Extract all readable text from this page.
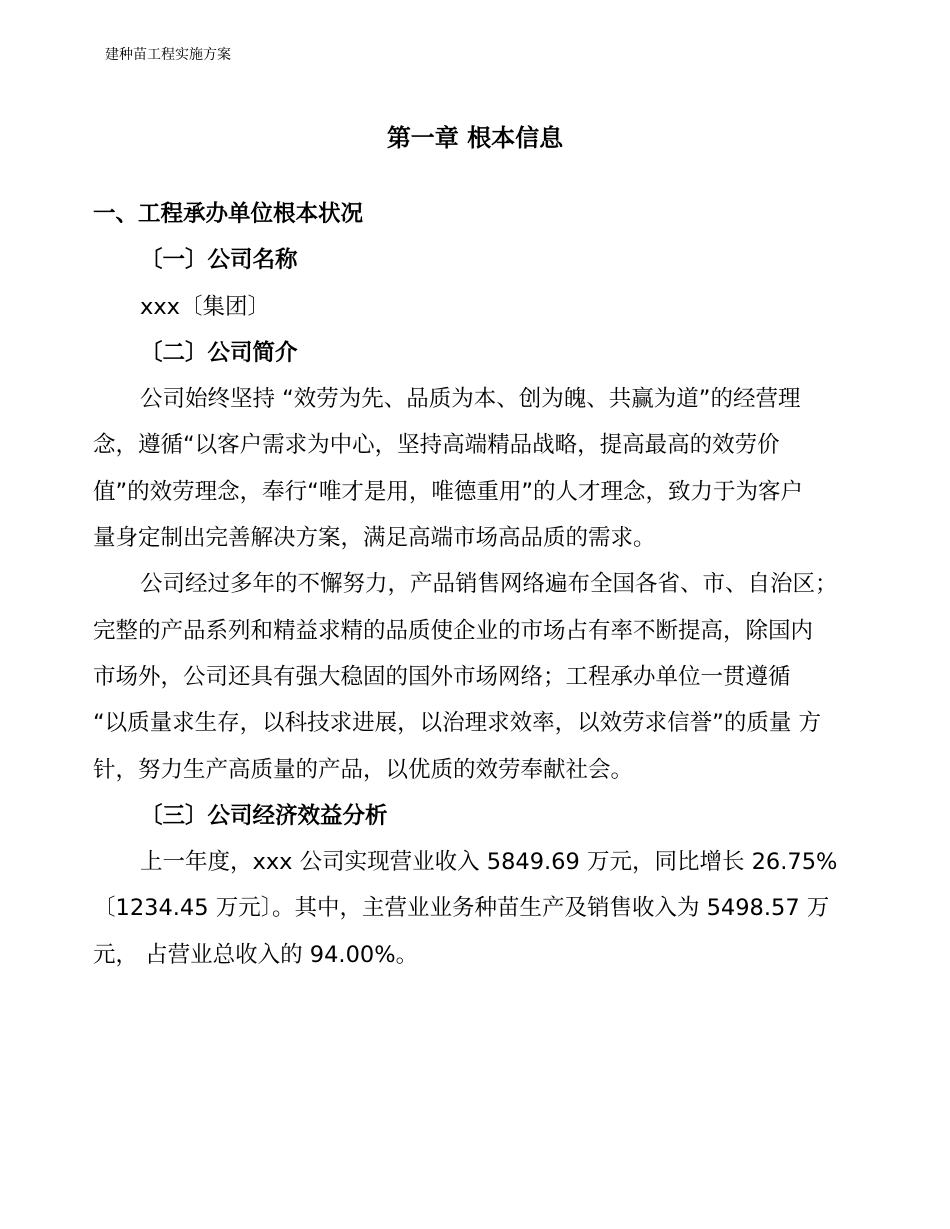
建种苗工程实施方案
第一章 根本信息
一、工程承办单位根本状况
〔一〕公司名称
xxx〔集团〕
〔二〕公司简介
公司始终坚持 “效劳为先、品质为本、创为魄、共赢为道”的经营理
念，遵循“以客户需求为中心，坚持高端精品战略，提高最高的效劳价
值”的效劳理念，奉行“唯才是用，唯德重用”的人才理念，致力于为客户
量身定制出完善解决方案，满足高端市场高品质的需求。
公司经过多年的不懈努力，产品销售网络遍布全国各省、市、自治区；
完整的产品系列和精益求精的品质使企业的市场占有率不断提高，除国内
市场外，公司还具有强大稳固的国外市场网络；工程承办单位一贯遵循
“以质量求生存，以科技求进展，以治理求效率，以效劳求信誉”的质量 方
针，努力生产高质量的产品，以优质的效劳奉献社会。
〔三〕公司经济效益分析
上一年度，xxx 公司实现营业收入 5849.69 万元，同比增长 26.75%
〔1234.45 万元〕。其中，主营业业务种苗生产及销售收入为 5498.57 万
元， 占营业总收入的 94.00%。
